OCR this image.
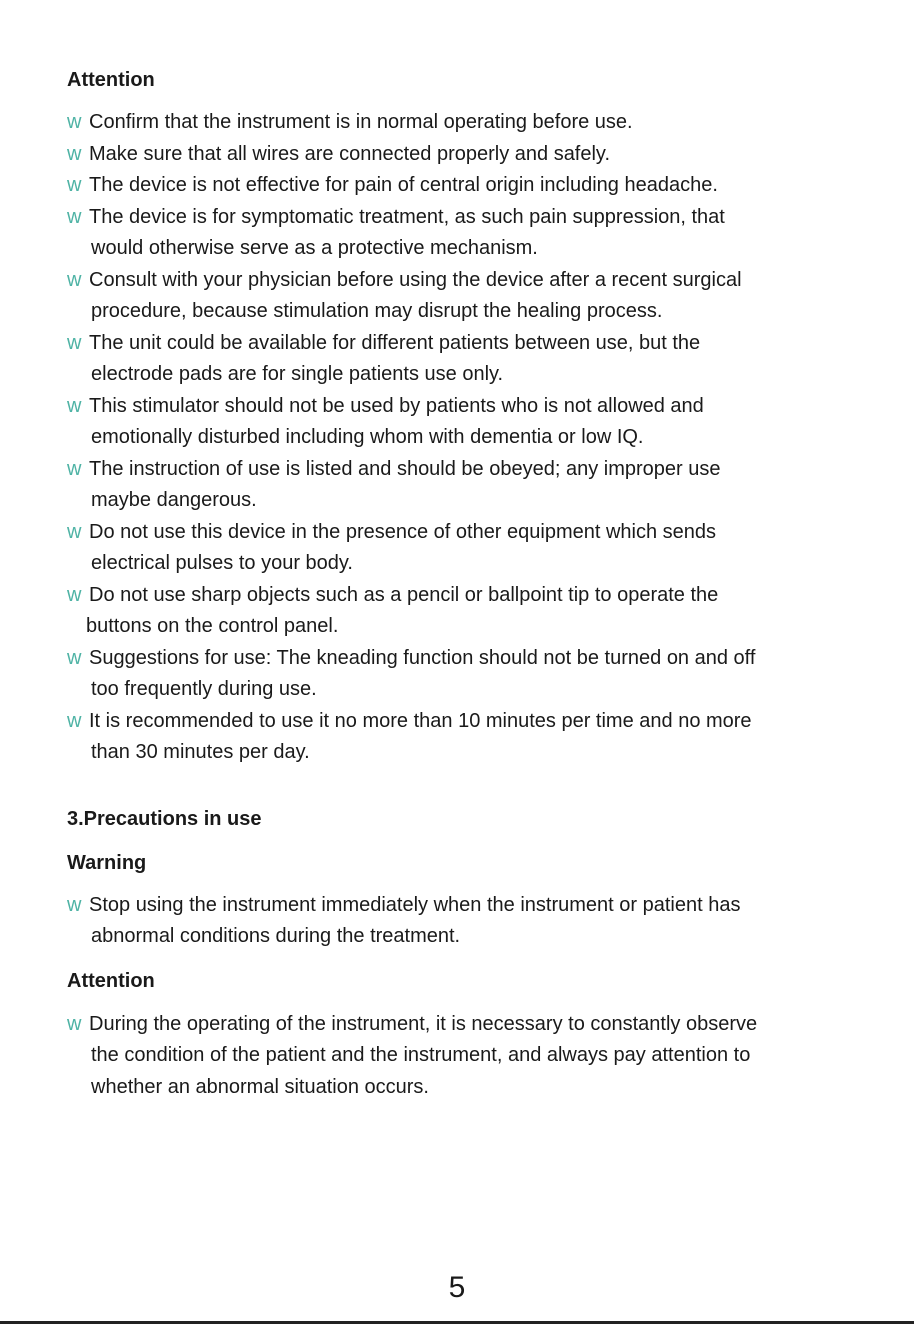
Attention
w Confirm that the instrument is in normal operating before use.
w Make sure that all wires are connected properly and safely.
w The device is not effective for pain of central origin including headache.
w The device is for symptomatic treatment, as such pain suppression, that
would otherwise serve as a protective mechanism.
w Consult with your physician before using the device after a recent surgical
procedure, because stimulation may disrupt the healing process.
w The unit could be available for different patients between use, but the
electrode pads are for single patients use only.
w This stimulator should not be used by patients who is not allowed and
emotionally disturbed including whom with dementia or low IQ.
w The instruction of use is listed and should be obeyed; any improper use
maybe dangerous.
w Do not use this device in the presence of other equipment which sends
electrical pulses to your body.
w Do not use sharp objects such as a pencil or ballpoint tip to operate the
buttons on the control panel.
w Suggestions for use: The kneading function should not be turned on and off
too frequently during use.
w It is recommended to use it no more than 10 minutes per time and no more
than 30 minutes per day.
3.Precautions in use
Warning
w Stop using the instrument immediately when the instrument or patient has
abnormal conditions during the treatment.
Attention
w During the operating of the instrument, it is necessary to constantly observe
the condition of the patient and the instrument, and always pay attention to
whether an abnormal situation occurs.
5
